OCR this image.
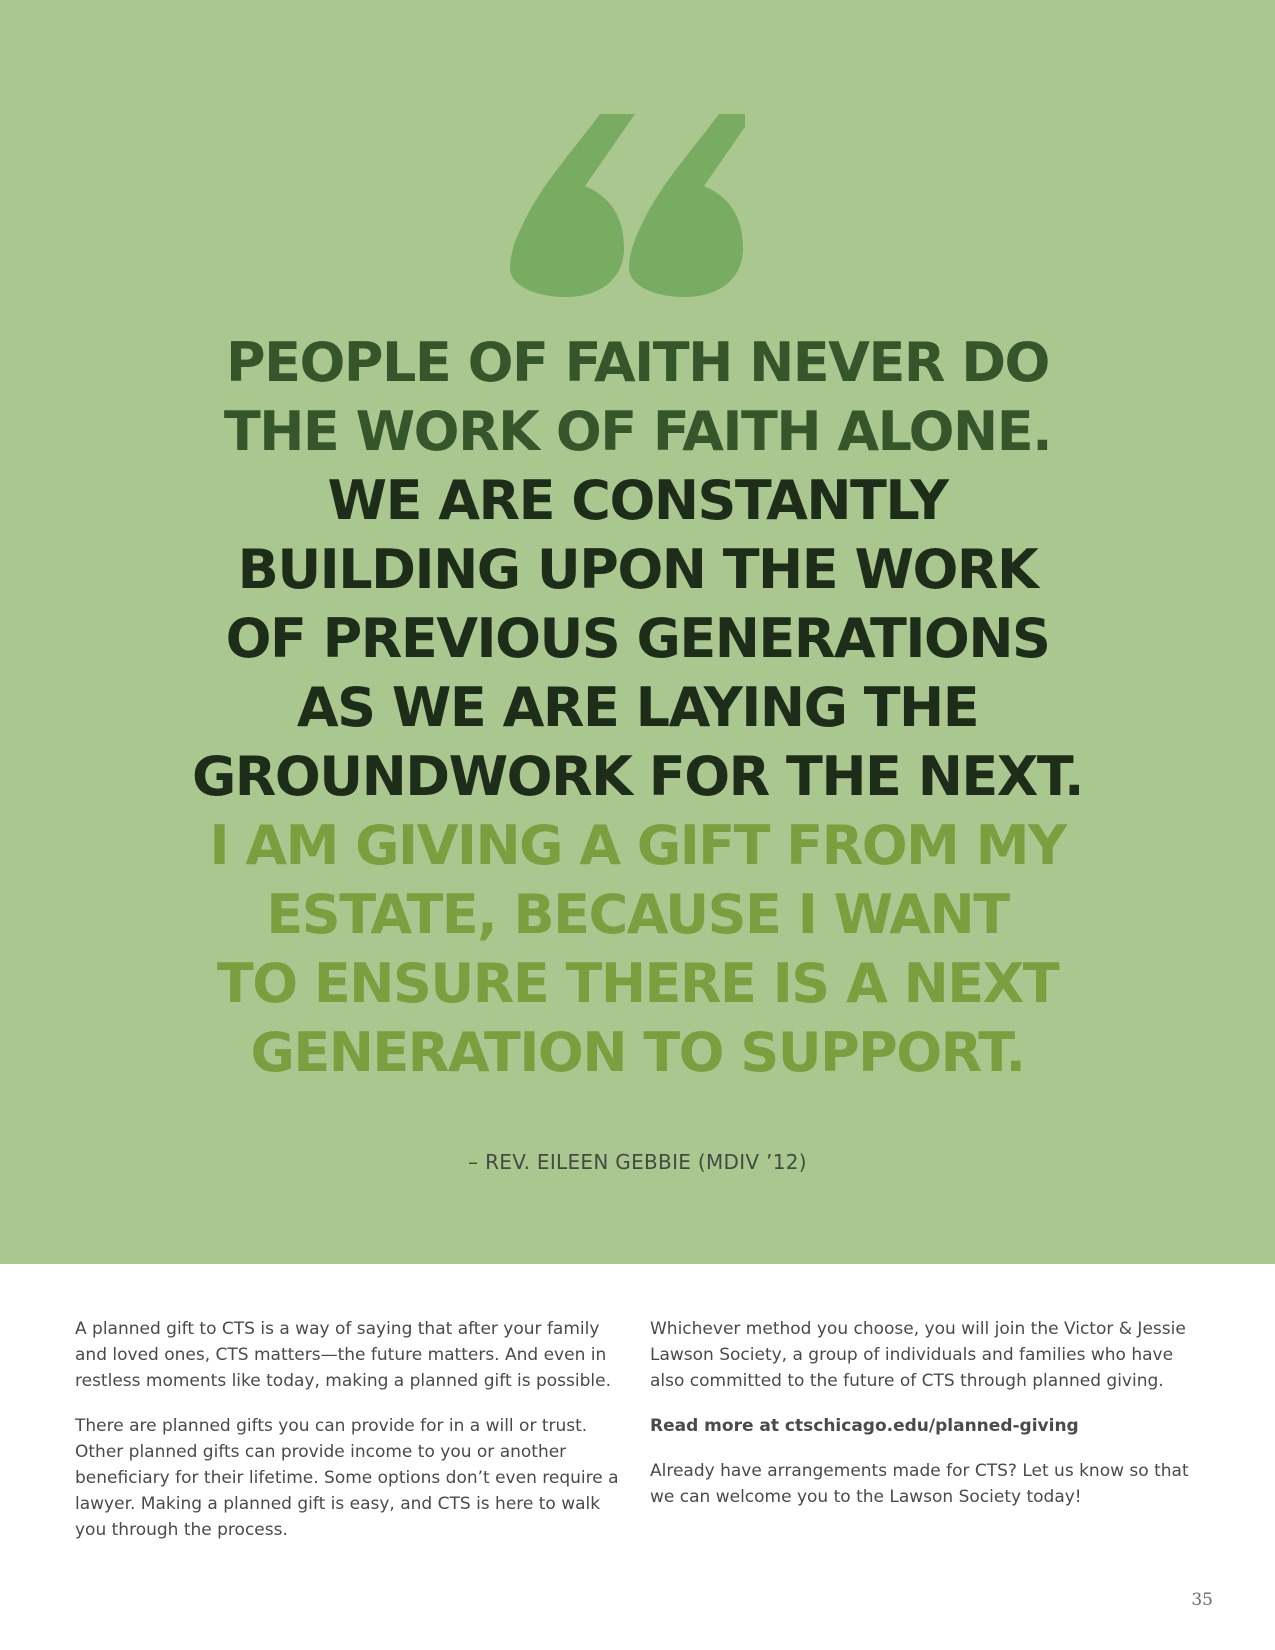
PEOPLE OF FAITH NEVER DO
THE WORK OF FAITH ALONE.
WE ARE CONSTANTLY
BUILDING UPON THE WORK
OF PREVIOUS GENERATIONS
AS WE ARE LAYING THE
GROUNDWORK FOR THE NEXT.
I AM GIVING A GIFT FROM MY
ESTATE, BECAUSE I WANT
TO ENSURE THERE IS A NEXT
GENERATION TO SUPPORT.

– REV. EILEEN GEBBIE (MDIV ’12)

A planned gift to CTS is a way of saying that after your family and loved ones, CTS matters—the future matters. And even in restless moments like today, making a planned gift is possible.

There are planned gifts you can provide for in a will or trust. Other planned gifts can provide income to you or another beneficiary for their lifetime. Some options don’t even require a lawyer. Making a planned gift is easy, and CTS is here to walk you through the process.

Whichever method you choose, you will join the Victor & Jessie Lawson Society, a group of individuals and families who have also committed to the future of CTS through planned giving.

Read more at ctschicago.edu/planned-giving

Already have arrangements made for CTS? Let us know so that we can welcome you to the Lawson Society today!

35
